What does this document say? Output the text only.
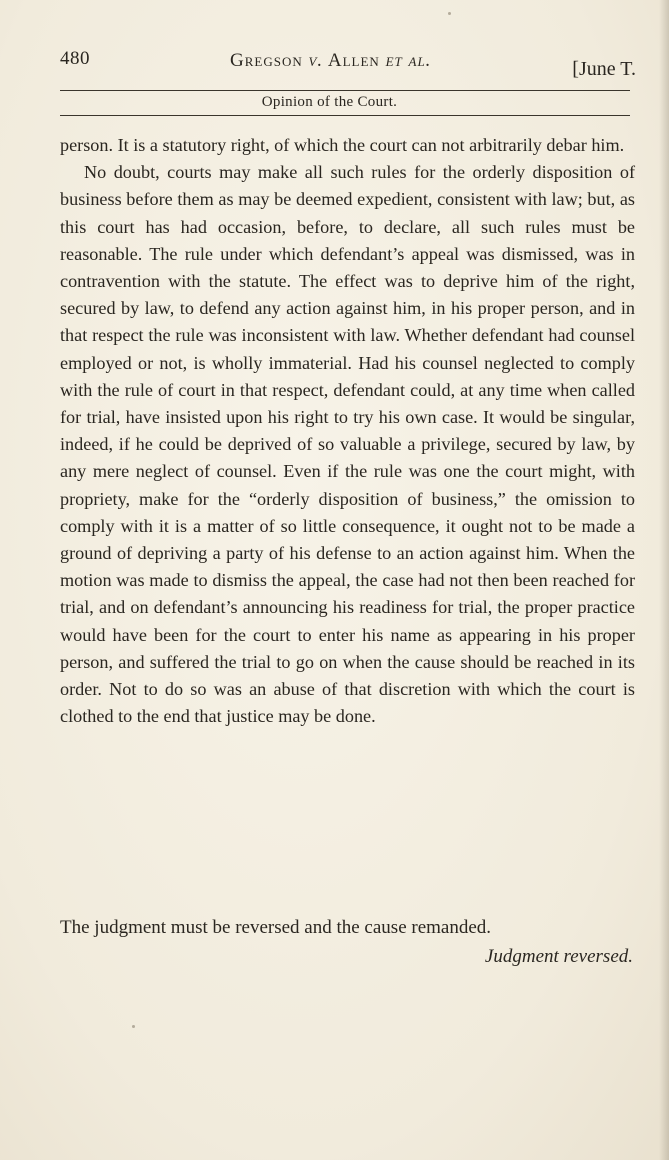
480	Gregson v. Allen et al.	[June T.
Opinion of the Court.

person. It is a statutory right, of which the court can not arbitrarily debar him.

No doubt, courts may make all such rules for the orderly disposition of business before them as may be deemed expedient, consistent with law; but, as this court has had occasion, before, to declare, all such rules must be reasonable. The rule under which defendant’s appeal was dismissed, was in contravention with the statute. The effect was to deprive him of the right, secured by law, to defend any action against him, in his proper person, and in that respect the rule was inconsistent with law. Whether defendant had counsel employed or not, is wholly immaterial. Had his counsel neglected to comply with the rule of court in that respect, defendant could, at any time when called for trial, have insisted upon his right to try his own case. It would be singular, indeed, if he could be deprived of so valuable a privilege, secured by law, by any mere neglect of counsel. Even if the rule was one the court might, with propriety, make for the “orderly disposition of business,” the omission to comply with it is a matter of so little consequence, it ought not to be made a ground of depriving a party of his defense to an action against him. When the motion was made to dismiss the appeal, the case had not then been reached for trial, and on defendant’s announcing his readiness for trial, the proper practice would have been for the court to enter his name as appearing in his proper person, and suffered the trial to go on when the cause should be reached in its order. Not to do so was an abuse of that discretion with which the court is clothed to the end that justice may be done.

The judgment must be reversed and the cause remanded.
Judgment reversed.
